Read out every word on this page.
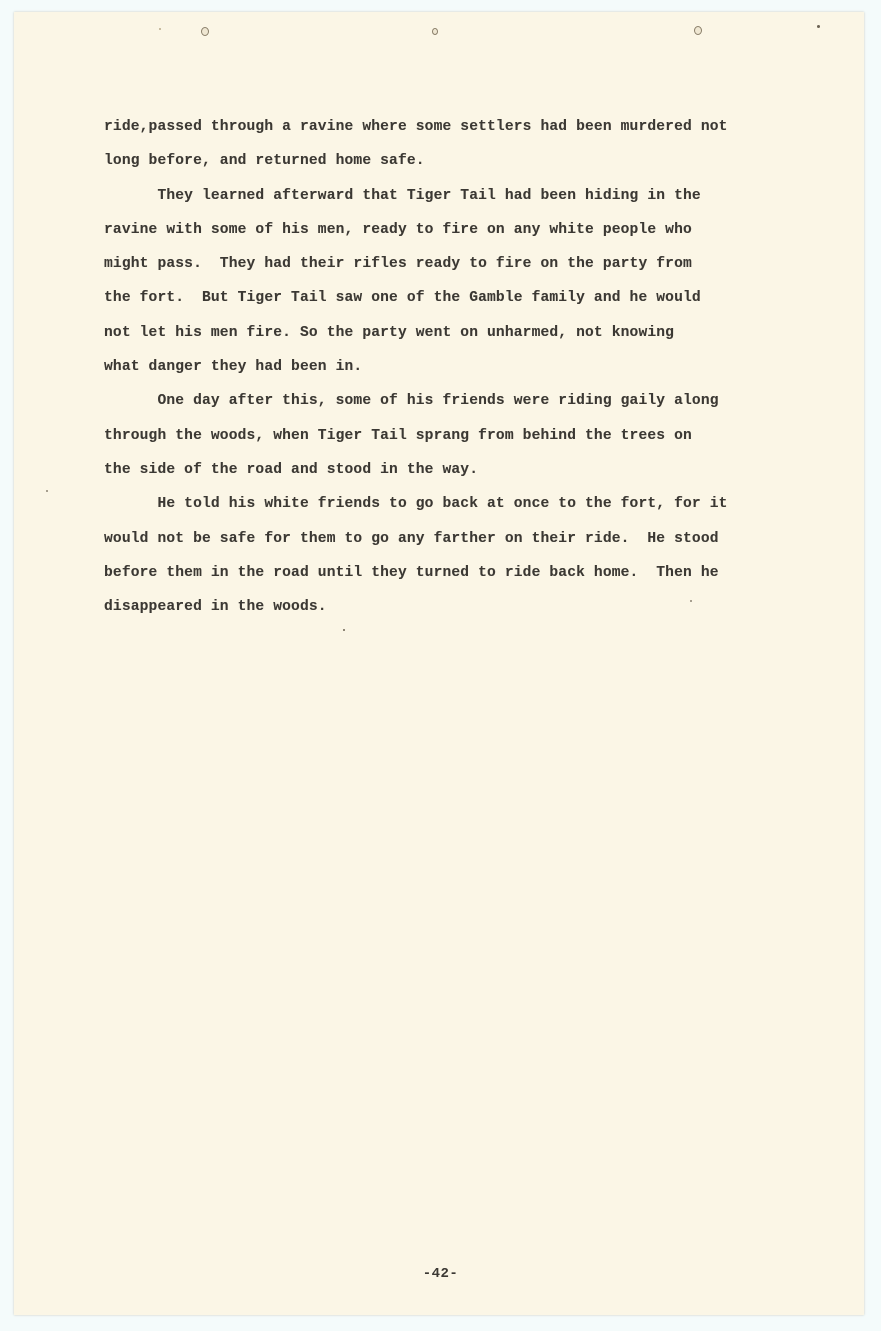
ride,passed through a ravine where some settlers had been murdered not
long before, and returned home safe.
They learned afterward that Tiger Tail had been hiding in the
ravine with some of his men, ready to fire on any white people who
might pass.  They had their rifles ready to fire on the party from
the fort.  But Tiger Tail saw one of the Gamble family and he would
not let his men fire. So the party went on unharmed, not knowing
what danger they had been in.
One day after this, some of his friends were riding gaily along
through the woods, when Tiger Tail sprang from behind the trees on
the side of the road and stood in the way.
He told his white friends to go back at once to the fort, for it
would not be safe for them to go any farther on their ride.  He stood
before them in the road until they turned to ride back home.  Then he
disappeared in the woods.
-42-
